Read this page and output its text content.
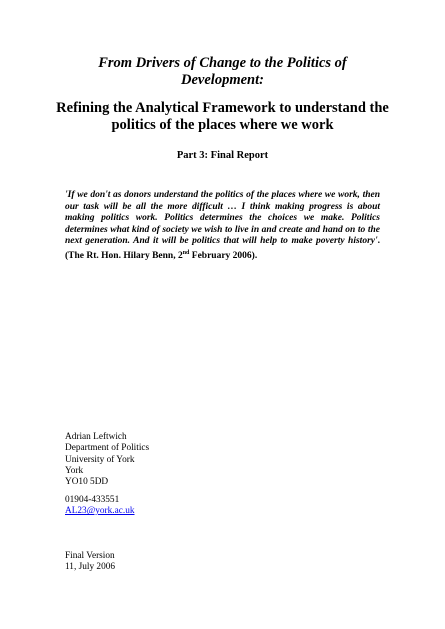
From Drivers of Change to the Politics of
Development:
Refining the Analytical Framework to understand the
politics of the places where we work
Part 3: Final Report
'If we don't as donors understand the politics of the places where we work, then our task will be all the more difficult … I think making progress is about making politics work. Politics determines the choices we make. Politics determines what kind of society we wish to live in and create and hand on to the next generation. And it will be politics that will help to make poverty history'. (The Rt. Hon. Hilary Benn, 2nd February 2006).
Adrian Leftwich
Department of Politics
University of York
York
YO10 5DD
01904-433551
AL23@york.ac.uk
Final Version
11, July 2006
